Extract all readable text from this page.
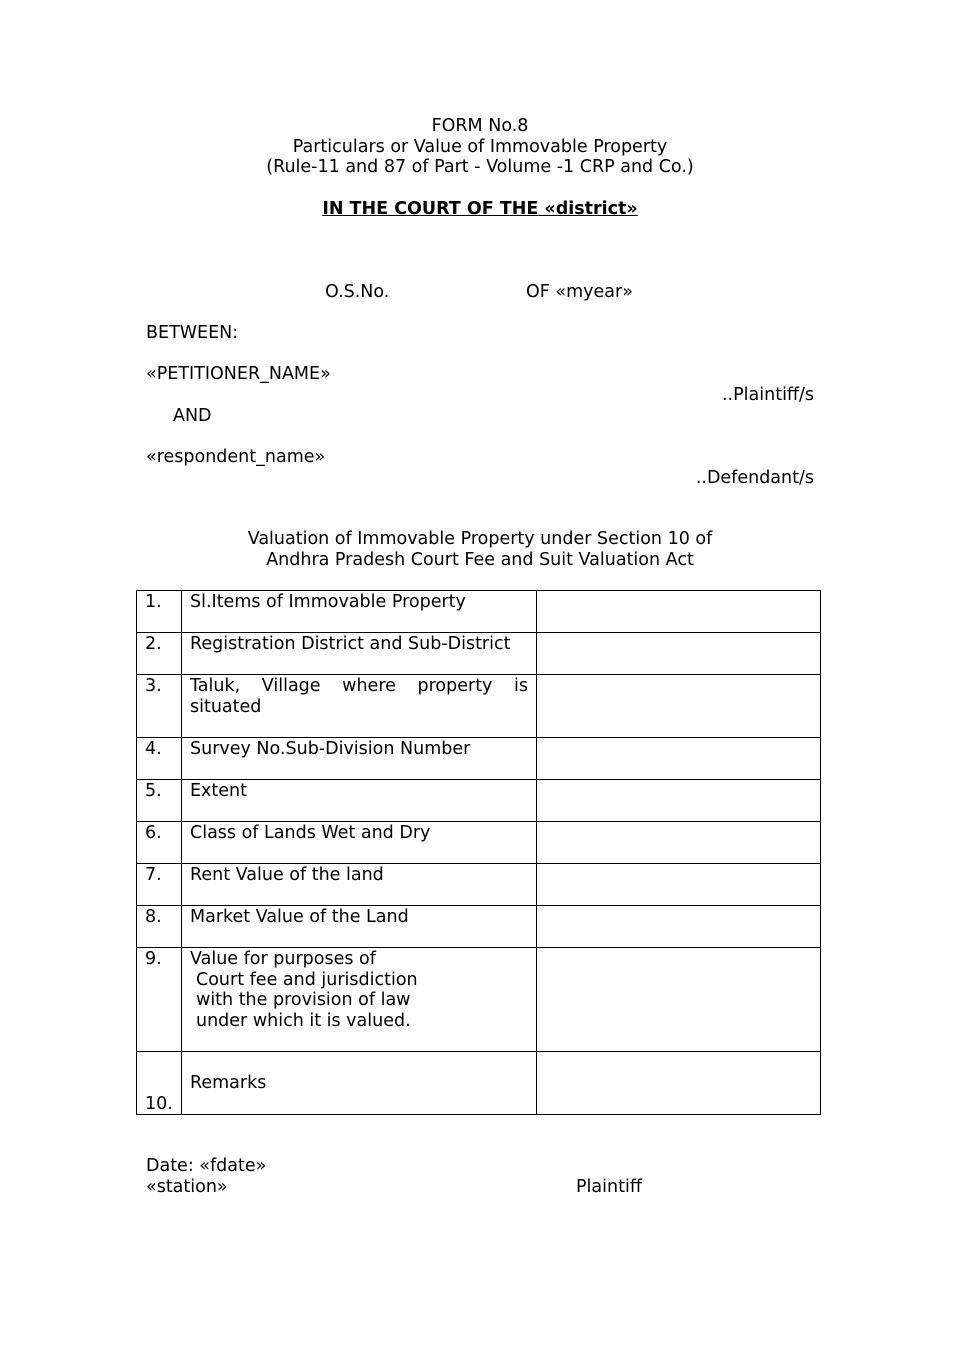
FORM No.8
Particulars or Value of Immovable Property
(Rule-11 and 87 of Part - Volume -1 CRP and Co.)
IN THE COURT OF THE «district»
O.S.No.	OF «myear»
BETWEEN:
«PETITIONER_NAME»
..Plaintiff/s
AND
«respondent_name»
..Defendant/s
Valuation of Immovable Property under Section 10 of
Andhra Pradesh Court Fee and Suit Valuation Act
1.	Sl.Items of Immovable Property	
2.	Registration District and Sub-District	
3.	Taluk, Village where property is situated	
4.	Survey No.Sub-Division Number	
5.	Extent	
6.	Class of Lands Wet and Dry	
7.	Rent Value of the land	
8.	Market Value of the Land	
9.	Value for purposes of
Court fee and jurisdiction
with the provision of law
under which it is valued.	

10.	Remarks	
Date: «fdate»
«station»	Plaintiff
